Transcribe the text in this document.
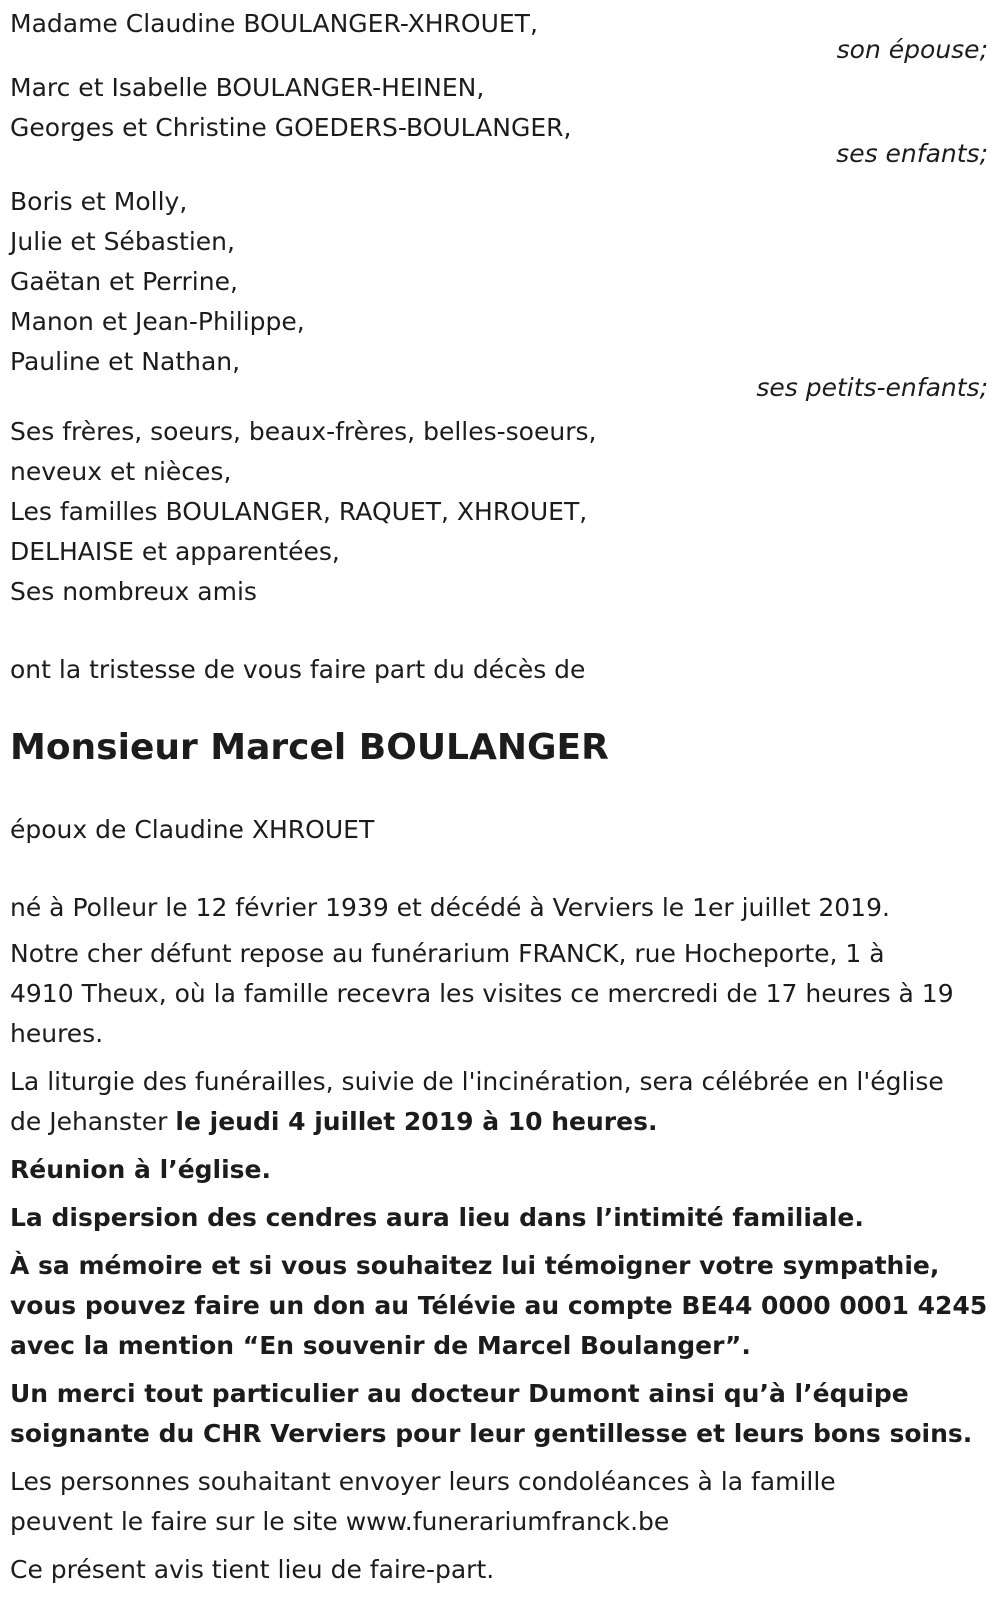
Madame Claudine BOULANGER-XHROUET,
son épouse;
Marc et Isabelle BOULANGER-HEINEN,
Georges et Christine GOEDERS-BOULANGER,
ses enfants;
Boris et Molly,
Julie et Sébastien,
Gaëtan et Perrine,
Manon et Jean-Philippe,
Pauline et Nathan,
ses petits-enfants;
Ses frères, soeurs, beaux-frères, belles-soeurs,
neveux et nièces,
Les familles BOULANGER, RAQUET, XHROUET,
DELHAISE et apparentées,
Ses nombreux amis
ont la tristesse de vous faire part du décès de
Monsieur Marcel BOULANGER
époux de Claudine XHROUET
né à Polleur le 12 février 1939 et décédé à Verviers le 1er juillet 2019.
Notre cher défunt repose au funérarium FRANCK, rue Hocheporte, 1 à
4910 Theux, où la famille recevra les visites ce mercredi de 17 heures à 19
heures.
La liturgie des funérailles, suivie de l'incinération, sera célébrée en l'église
de Jehanster le jeudi 4 juillet 2019 à 10 heures.
Réunion à l’église.
La dispersion des cendres aura lieu dans l’intimité familiale.
À sa mémoire et si vous souhaitez lui témoigner votre sympathie,
vous pouvez faire un don au Télévie au compte BE44 0000 0001 4245
avec la mention “En souvenir de Marcel Boulanger”.
Un merci tout particulier au docteur Dumont ainsi qu’à l’équipe
soignante du CHR Verviers pour leur gentillesse et leurs bons soins.
Les personnes souhaitant envoyer leurs condoléances à la famille
peuvent le faire sur le site www.funerariumfranck.be
Ce présent avis tient lieu de faire-part.
